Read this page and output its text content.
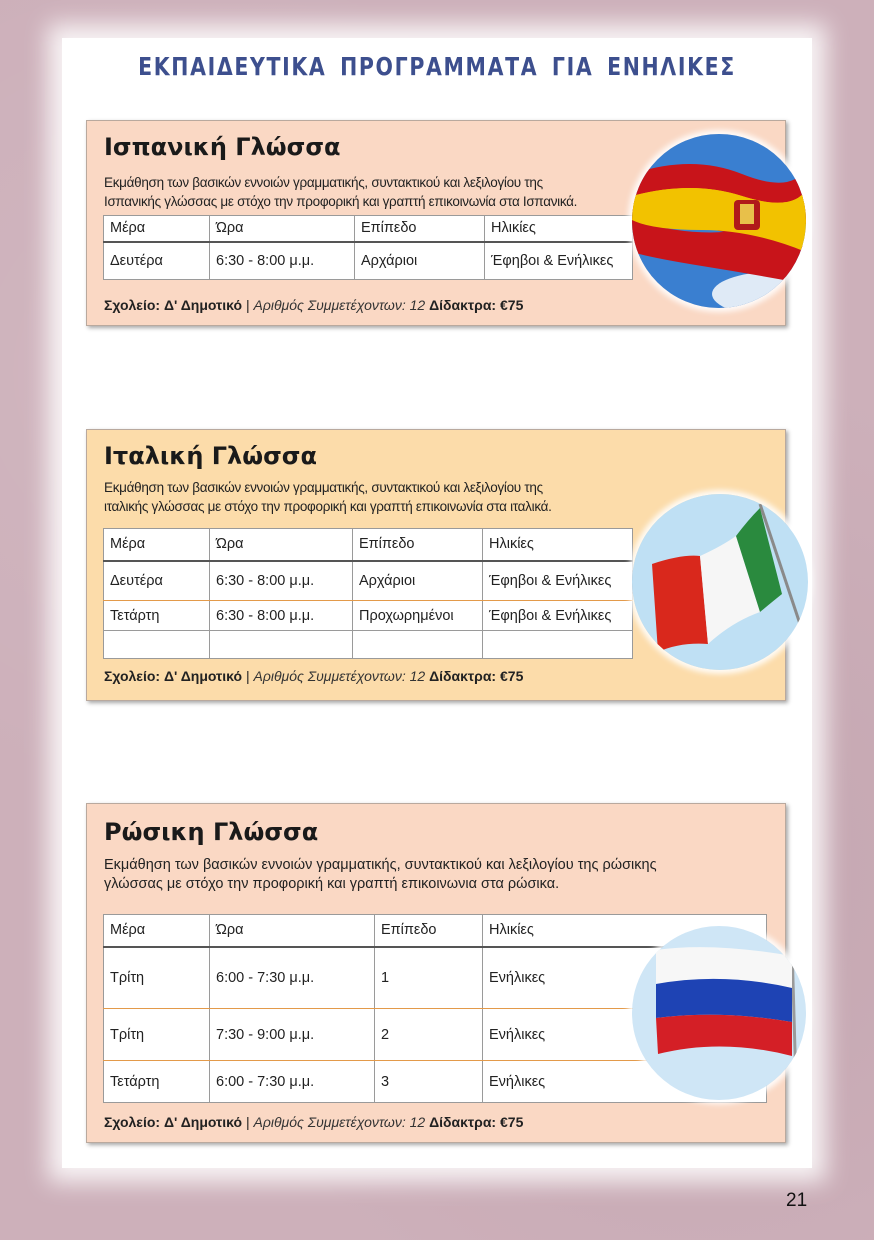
ΕΚΠΑΙΔΕΥΤΙΚΑ ΠΡΟΓΡΑΜΜΑΤΑ ΓΙΑ ΕΝΗΛΙΚΕΣ
Ισπανική Γλώσσα
Εκμάθηση των βασικών εννοιών γραμματικής, συντακτικού και λεξιλογίου της
Ισπανικής γλώσσας με στόχο την προφορική και γραπτή επικοινωνία στα Ισπανικά.
Μέρα	Ώρα	Επίπεδο	Ηλικίες
Δευτέρα	6:30 - 8:00 μ.μ.	Αρχάριοι	Έφηβοι & Ενήλικες
Σχολείο: Δ' Δημοτικό | Αριθμός Συμμετέχοντων: 12 Δίδακτρα: €75
Ιταλική Γλώσσα
Εκμάθηση των βασικών εννοιών γραμματικής, συντακτικού και λεξιλογίου της
ιταλικής γλώσσας με στόχο την προφορική και γραπτή επικοινωνία στα ιταλικά.
Μέρα	Ώρα	Επίπεδο	Ηλικίες
Δευτέρα	6:30 - 8:00 μ.μ.	Αρχάριοι	Έφηβοι & Ενήλικες
Τετάρτη	6:30 - 8:00 μ.μ.	Προχωρημένοι	Έφηβοι & Ενήλικες

Σχολείο: Δ' Δημοτικό | Αριθμός Συμμετέχοντων: 12 Δίδακτρα: €75
Ρώσικη Γλώσσα
Εκμάθηση των βασικών εννοιών γραμματικής, συντακτικού και λεξιλογίου της ρώσικης
γλώσσας με στόχο την προφορική και γραπτή επικοινωνια στα ρώσικα.
Μέρα	Ώρα	Επίπεδο	Ηλικίες
Τρίτη	6:00 - 7:30 μ.μ.	1	Ενήλικες
Τρίτη	7:30 - 9:00 μ.μ.	2	Ενήλικες
Τετάρτη	6:00 - 7:30 μ.μ.	3	Ενήλικες
Σχολείο: Δ' Δημοτικό | Αριθμός Συμμετέχοντων: 12 Δίδακτρα: €75
21
